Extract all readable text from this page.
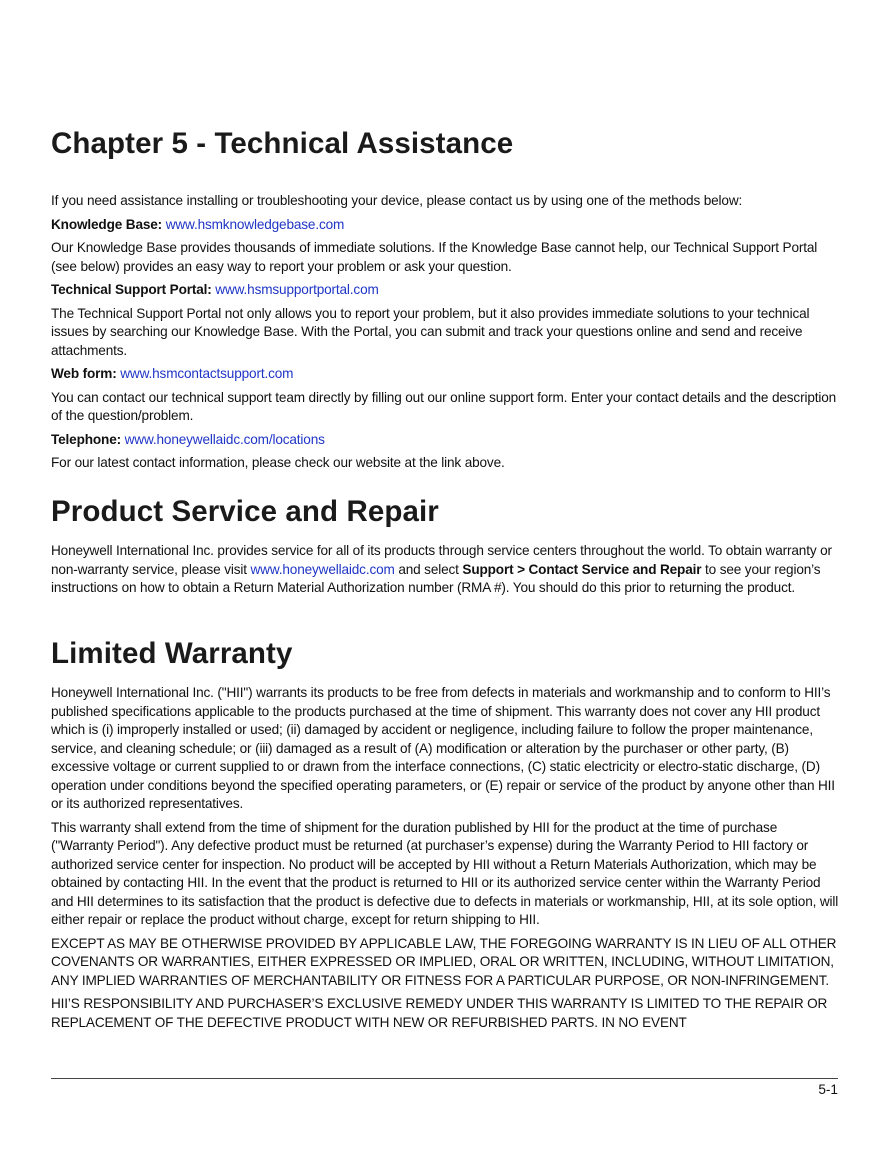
Chapter 5 - Technical Assistance

If you need assistance installing or troubleshooting your device, please contact us by using one of the methods below:

Knowledge Base: www.hsmknowledgebase.com

Our Knowledge Base provides thousands of immediate solutions. If the Knowledge Base cannot help, our Technical Support Portal (see below) provides an easy way to report your problem or ask your question.

Technical Support Portal: www.hsmsupportportal.com

The Technical Support Portal not only allows you to report your problem, but it also provides immediate solutions to your technical issues by searching our Knowledge Base. With the Portal, you can submit and track your questions online and send and receive attachments.

Web form: www.hsmcontactsupport.com

You can contact our technical support team directly by filling out our online support form. Enter your contact details and the description of the question/problem.

Telephone: www.honeywellaidc.com/locations

For our latest contact information, please check our website at the link above.

Product Service and Repair

Honeywell International Inc. provides service for all of its products through service centers throughout the world. To obtain warranty or non-warranty service, please visit www.honeywellaidc.com and select Support > Contact Service and Repair to see your region’s instructions on how to obtain a Return Material Authorization number (RMA #). You should do this prior to returning the product.

Limited Warranty

Honeywell International Inc. ("HII") warrants its products to be free from defects in materials and workmanship and to conform to HII’s published specifications applicable to the products purchased at the time of shipment. This warranty does not cover any HII product which is (i) improperly installed or used; (ii) damaged by accident or negligence, including failure to follow the proper maintenance, service, and cleaning schedule; or (iii) damaged as a result of (A) modification or alteration by the purchaser or other party, (B) excessive voltage or current supplied to or drawn from the interface connections, (C) static electricity or electro-static discharge, (D) operation under conditions beyond the specified operating parameters, or (E) repair or service of the product by anyone other than HII or its authorized representatives.

This warranty shall extend from the time of shipment for the duration published by HII for the product at the time of purchase ("Warranty Period"). Any defective product must be returned (at purchaser’s expense) during the Warranty Period to HII factory or authorized service center for inspection. No product will be accepted by HII without a Return Materials Authorization, which may be obtained by contacting HII. In the event that the product is returned to HII or its authorized service center within the Warranty Period and HII determines to its satisfaction that the product is defective due to defects in materials or workmanship, HII, at its sole option, will either repair or replace the product without charge, except for return shipping to HII.

EXCEPT AS MAY BE OTHERWISE PROVIDED BY APPLICABLE LAW, THE FOREGOING WARRANTY IS IN LIEU OF ALL OTHER COVENANTS OR WARRANTIES, EITHER EXPRESSED OR IMPLIED, ORAL OR WRITTEN, INCLUDING, WITHOUT LIMITATION, ANY IMPLIED WARRANTIES OF MERCHANTABILITY OR FITNESS FOR A PARTICULAR PURPOSE, OR NON-INFRINGEMENT.

HII’S RESPONSIBILITY AND PURCHASER’S EXCLUSIVE REMEDY UNDER THIS WARRANTY IS LIMITED TO THE REPAIR OR REPLACEMENT OF THE DEFECTIVE PRODUCT WITH NEW OR REFURBISHED PARTS. IN NO EVENT

5-1
